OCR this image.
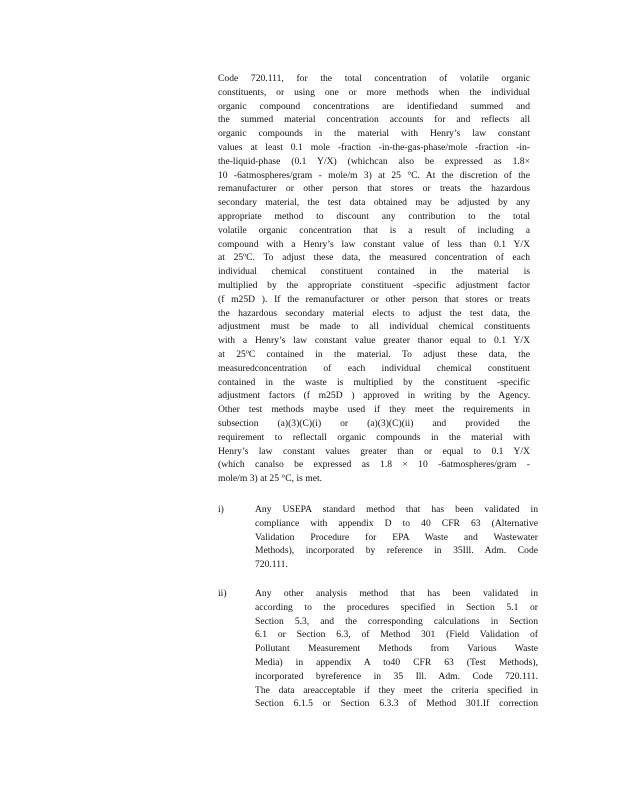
Code 720.111, for the total concentration of volatile organic
constituents, or using one or more methods when the individual
organic compound concentrations are identifiedand summed and
the summed material concentration accounts for and reflects all
organic compounds in the material with Henry’s law constant
values at least 0.1 mole -fraction -in-the-gas-phase/mole -fraction -in-
the-liquid-phase (0.1 Y/X) (whichcan also be expressed as 1.8×
10 -6atmospheres/gram - mole/m 3) at 25 °C. At the discretion of the
remanufacturer or other person that stores or treats the hazardous
secondary material, the test data obtained may be adjusted by any
appropriate method to discount any contribution to the total
volatile organic concentration that is a result of including a
compound with a Henry’s law constant value of less than 0.1 Y/X
at 25ºC. To adjust these data, the measured concentration of each
individual chemical constituent contained in the material is
multiplied by the appropriate constituent -specific adjustment factor
(f m25D ). If the remanufacturer or other person that stores or treats
the hazardous secondary material elects to adjust the test data, the
adjustment must be made to all individual chemical constituents
with a Henry’s law constant value greater thanor equal to 0.1 Y/X
at 25ºC contained in the material. To adjust these data, the
measuredconcentration of each individual chemical constituent
contained in the waste is multiplied by the constituent -specific
adjustment factors (f m25D ) approved in writing by the Agency.
Other test methods maybe used if they meet the requirements in
subsection (a)(3)(C)(i) or (a)(3)(C)(ii) and provided the
requirement to reflectall organic compounds in the material with
Henry’s law constant values greater than or equal to 0.1 Y/X
(which canalso be expressed as 1.8 × 10 -6atmospheres/gram -
mole/m 3) at 25 °C, is met.
i)	Any USEPA standard method that has been validated in
compliance with appendix D to 40 CFR 63 (Alternative
Validation Procedure for EPA Waste and Wastewater
Methods), incorporated by reference in 35Ill. Adm. Code
720.111.
ii)	Any other analysis method that has been validated in
according to the procedures specified in Section 5.1 or
Section 5.3, and the corresponding calculations in Section
6.1 or Section 6.3, of Method 301 (Field Validation of
Pollutant Measurement Methods from Various Waste
Media) in appendix A to40 CFR 63 (Test Methods),
incorporated byreference in 35 Ill. Adm. Code 720.111.
The data areacceptable if they meet the criteria specified in
Section 6.1.5 or Section 6.3.3 of Method 301.If correction
